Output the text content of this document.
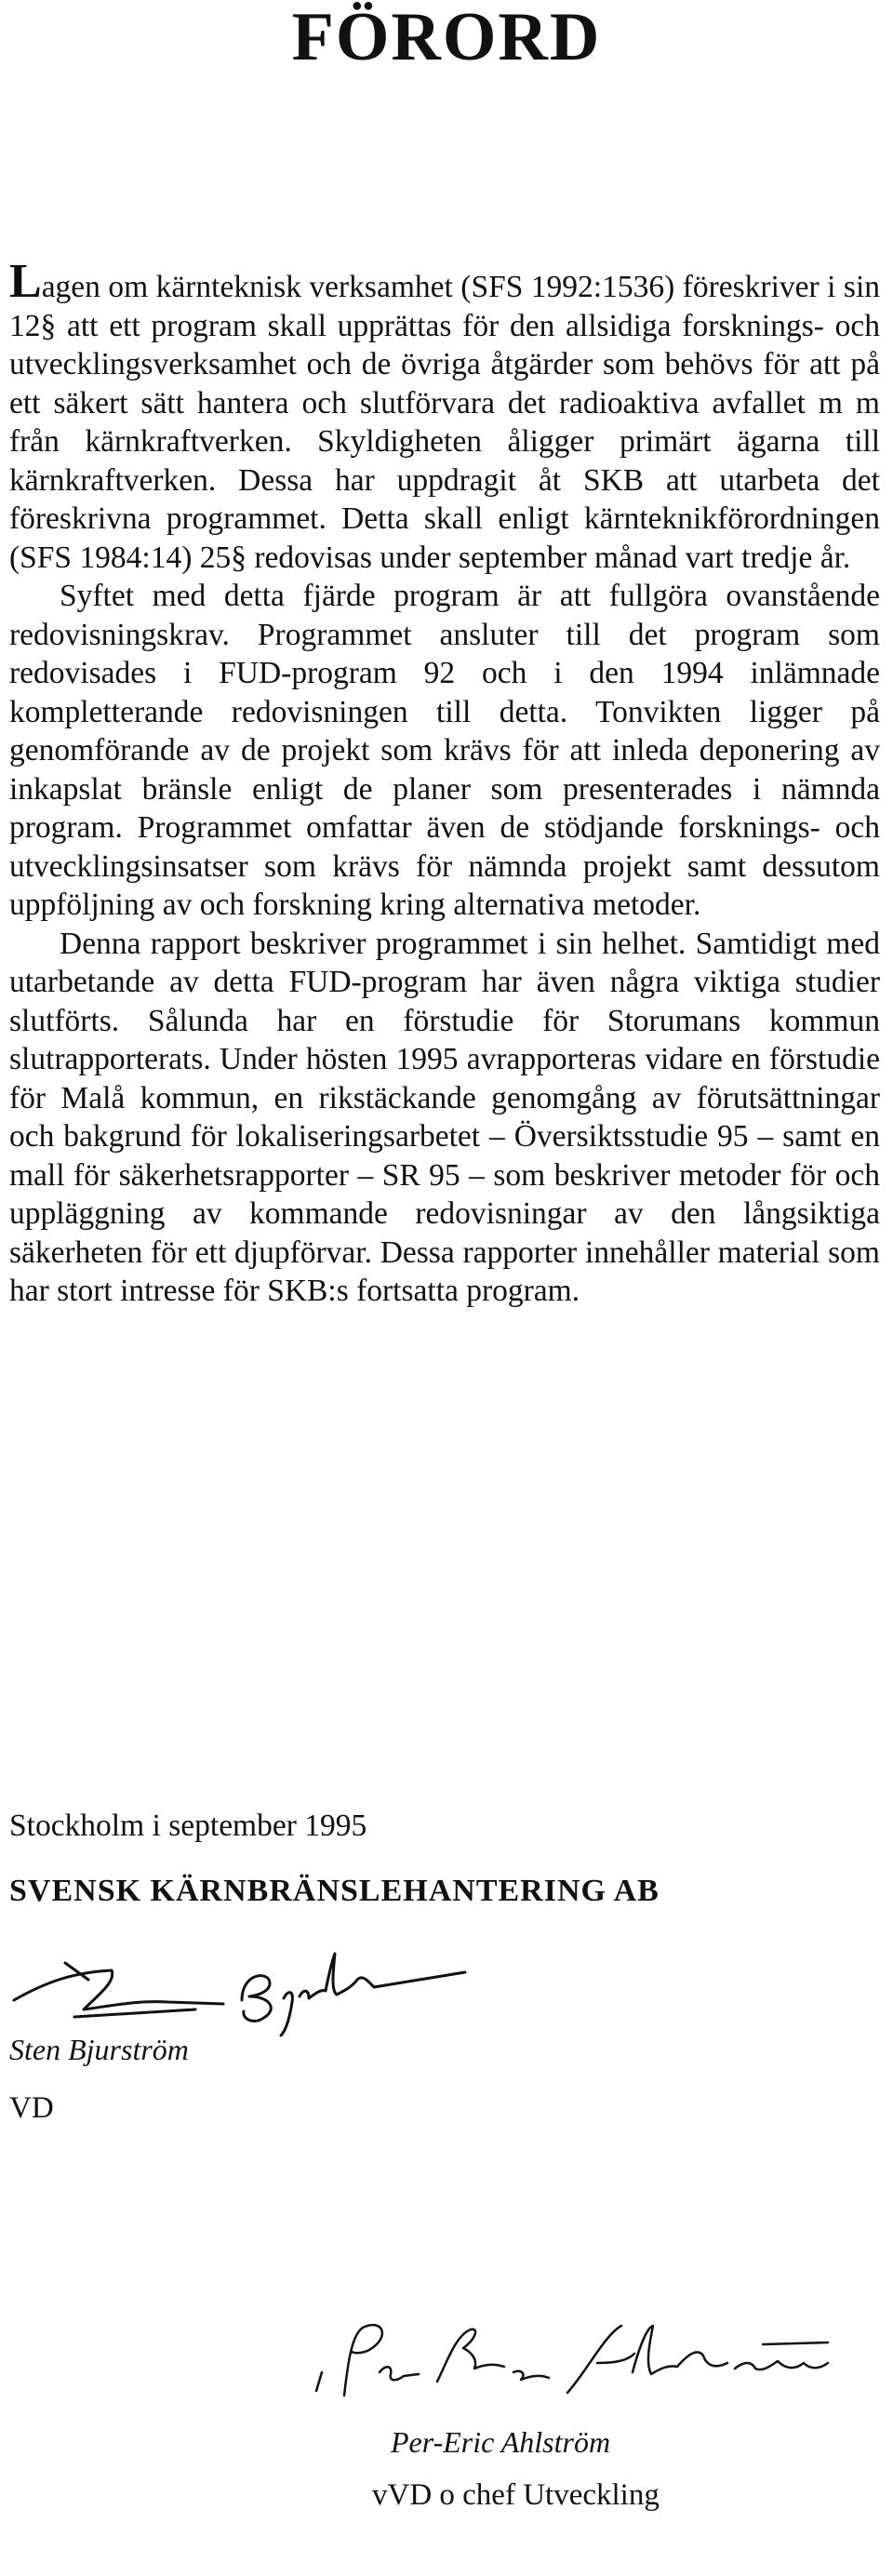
FÖRORD

Lagen om kärnteknisk verksamhet (SFS 1992:1536) föreskriver i sin 12§ att ett program skall upprättas för den allsidiga forsknings- och utvecklingsverksamhet och de övriga åtgärder som behövs för att på ett säkert sätt hantera och slutförvara det radioaktiva avfallet m m från kärnkraftverken. Skyldigheten åligger primärt ägarna till kärnkraftverken. Dessa har uppdragit åt SKB att utarbeta det föreskrivna programmet. Detta skall enligt kärnteknikförordningen (SFS 1984:14) 25§ redovisas under september månad vart tredje år.

Syftet med detta fjärde program är att fullgöra ovanstående redovisningskrav. Programmet ansluter till det program som redovisades i FUD-program 92 och i den 1994 inlämnade kompletterande redovisningen till detta. Tonvikten ligger på genomförande av de projekt som krävs för att inleda deponering av inkapslat bränsle enligt de planer som presenterades i nämnda program. Programmet omfattar även de stödjande forsknings- och utvecklingsinsatser som krävs för nämnda projekt samt dessutom uppföljning av och forskning kring alternativa metoder.

Denna rapport beskriver programmet i sin helhet. Samtidigt med utarbetande av detta FUD-program har även några viktiga studier slutförts. Sålunda har en förstudie för Storumans kommun slutrapporterats. Under hösten 1995 avrapporteras vidare en förstudie för Malå kommun, en rikstäckande genomgång av förutsättningar och bakgrund för lokaliseringsarbetet – Översiktsstudie 95 – samt en mall för säkerhetsrapporter – SR 95 – som beskriver metoder för och uppläggning av kommande redovisningar av den långsiktiga säkerheten för ett djupförvar. Dessa rapporter innehåller material som har stort intresse för SKB:s fortsatta program.

Stockholm i september 1995
SVENSK KÄRNBRÄNSLEHANTERING AB
Sten Bjurström
VD
Per-Eric Ahlström
vVD o chef Utveckling
